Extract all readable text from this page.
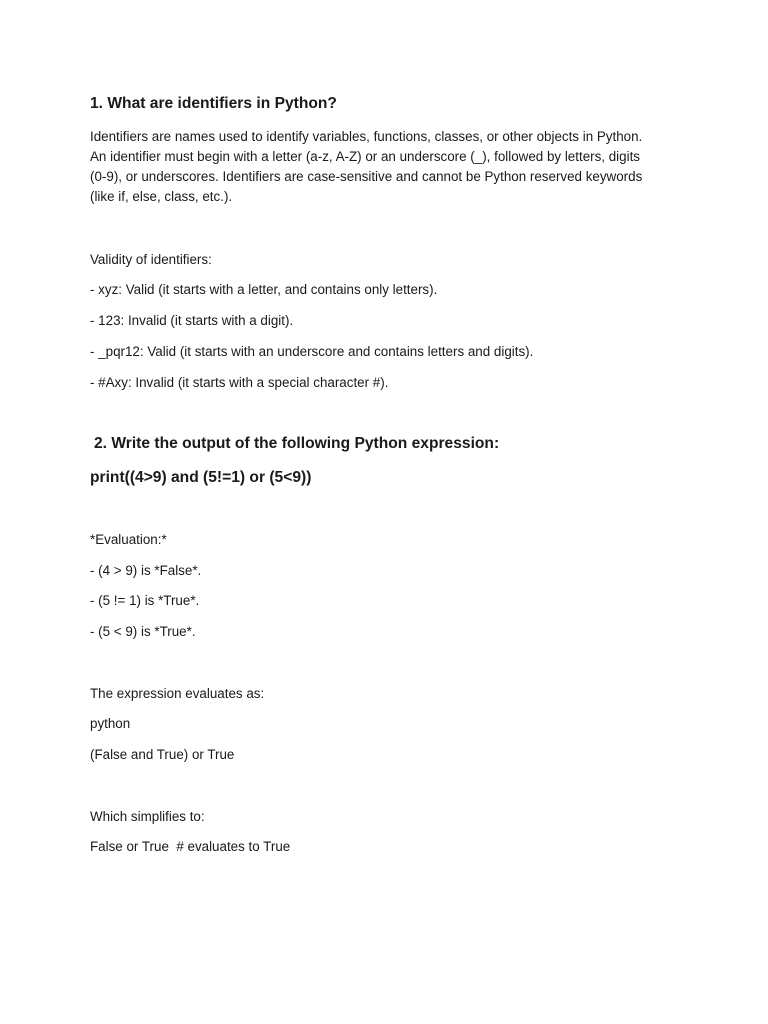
1. What are identifiers in Python?
Identifiers are names used to identify variables, functions, classes, or other objects in Python.
An identifier must begin with a letter (a-z, A-Z) or an underscore (_), followed by letters, digits
(0-9), or underscores. Identifiers are case-sensitive and cannot be Python reserved keywords
(like if, else, class, etc.).
Validity of identifiers:
- xyz: Valid (it starts with a letter, and contains only letters).
- 123: Invalid (it starts with a digit).
- _pqr12: Valid (it starts with an underscore and contains letters and digits).
- #Axy: Invalid (it starts with a special character #).
2. Write the output of the following Python expression:
print((4>9) and (5!=1) or (5<9))
*Evaluation:*
- (4 > 9) is *False*.
- (5 != 1) is *True*.
- (5 < 9) is *True*.
The expression evaluates as:
python
(False and True) or True
Which simplifies to:
False or True  # evaluates to True
